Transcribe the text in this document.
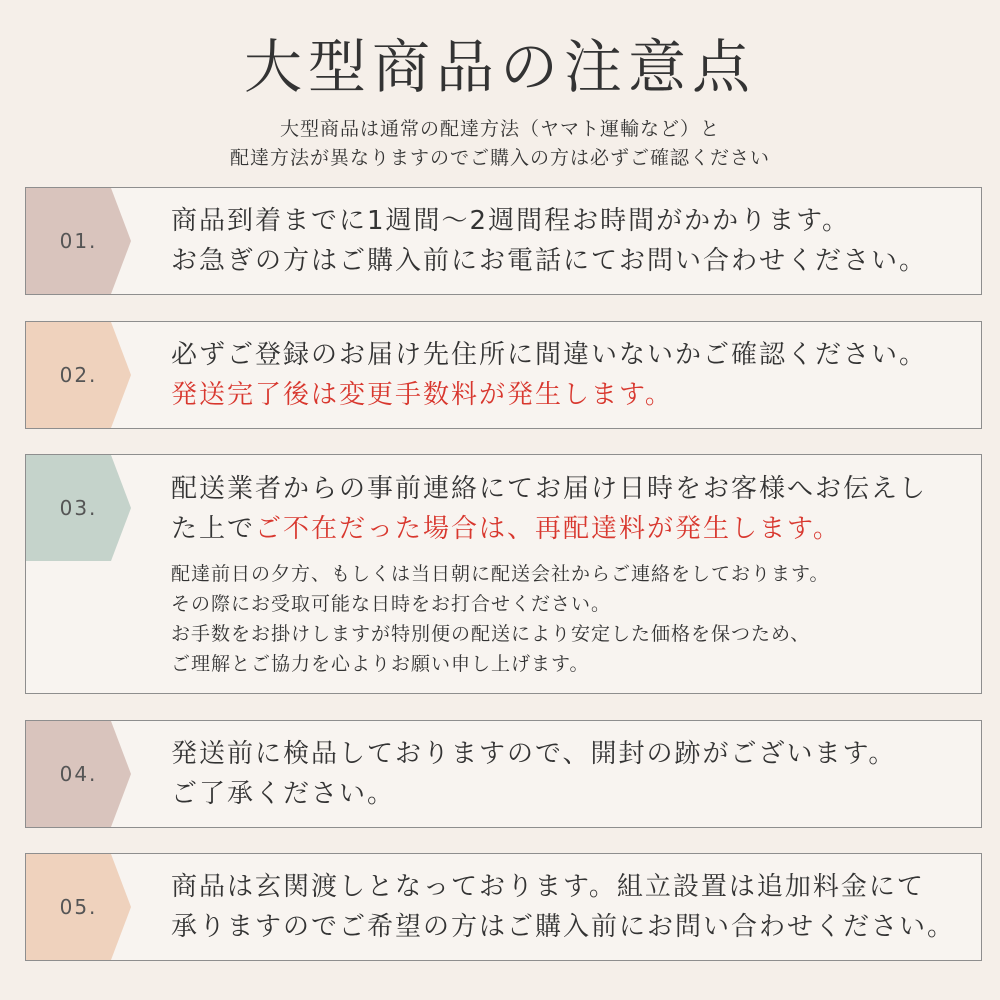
大型商品の注意点
大型商品は通常の配達方法（ヤマト運輸など）と
配達方法が異なりますのでご購入の方は必ずご確認ください
01.
商品到着までに1週間〜2週間程お時間がかかります。
お急ぎの方はご購入前にお電話にてお問い合わせください。
02.
必ずご登録のお届け先住所に間違いないかご確認ください。
発送完了後は変更手数料が発生します。
03.
配送業者からの事前連絡にてお届け日時をお客様へお伝えし
た上でご不在だった場合は、再配達料が発生します。
配達前日の夕方、もしくは当日朝に配送会社からご連絡をしております。
その際にお受取可能な日時をお打合せください。
お手数をお掛けしますが特別便の配送により安定した価格を保つため、
ご理解とご協力を心よりお願い申し上げます。
04.
発送前に検品しておりますので、開封の跡がございます。
ご了承ください。
05.
商品は玄関渡しとなっております。組立設置は追加料金にて
承りますのでご希望の方はご購入前にお問い合わせください。
